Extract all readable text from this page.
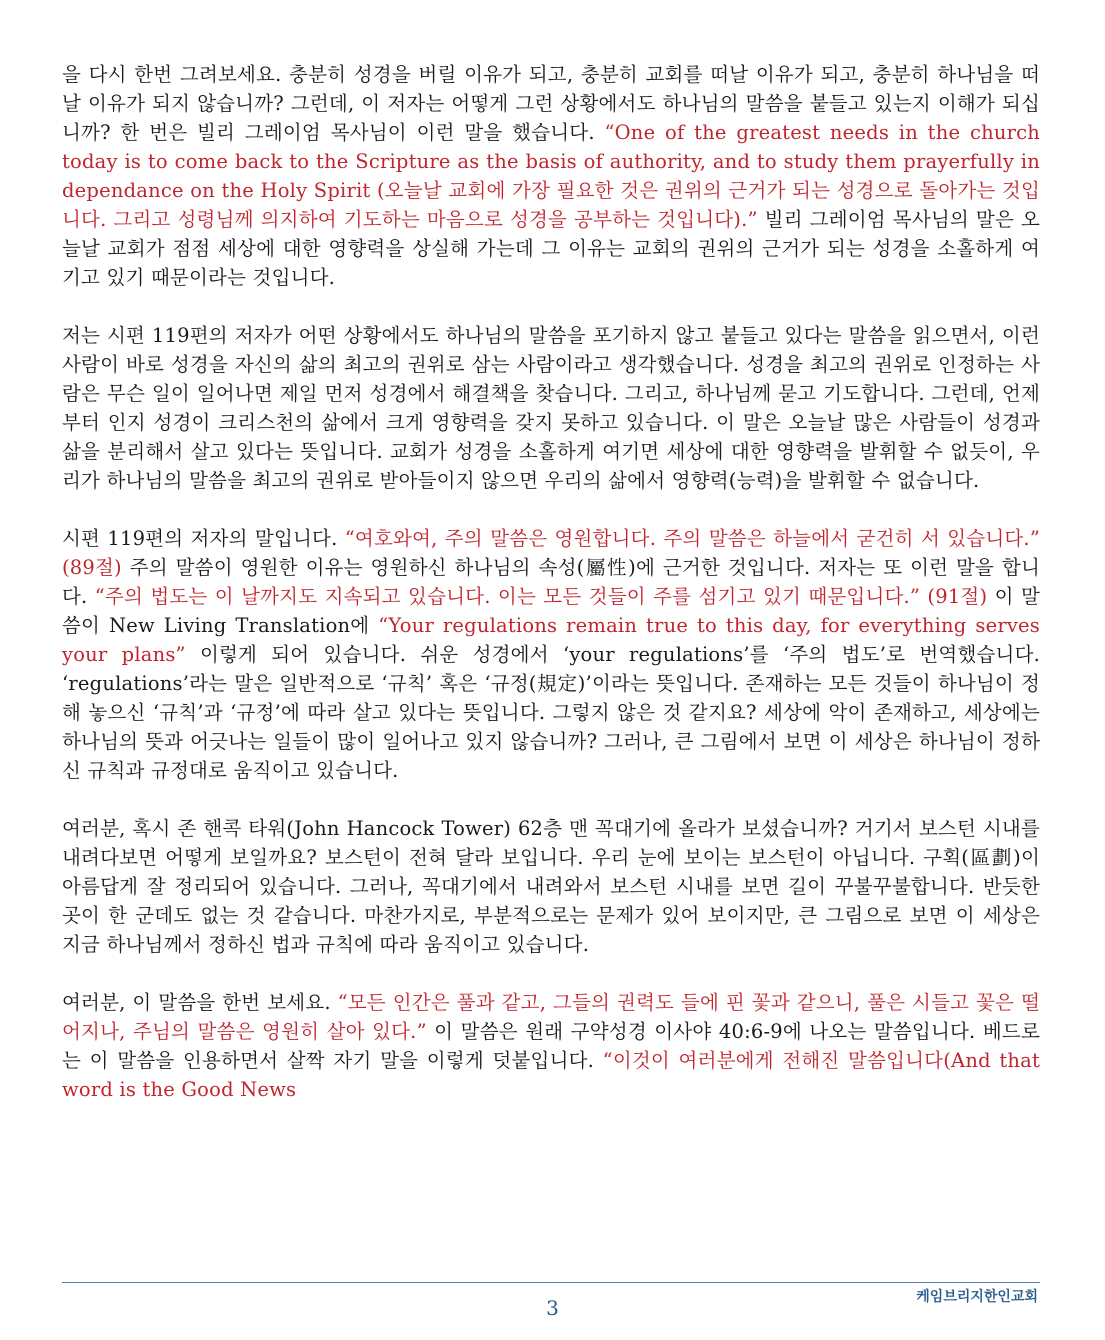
을 다시 한번 그려보세요. 충분히 성경을 버릴 이유가 되고, 충분히 교회를 떠날 이유가 되고, 충분히 하나님을 떠날 이유가 되지 않습니까? 그런데, 이 저자는 어떻게 그런 상황에서도 하나님의 말씀을 붙들고 있는지 이해가 되십니까? 한 번은 빌리 그레이엄 목사님이 이런 말을 했습니다. “One of the greatest needs in the church today is to come back to the Scripture as the basis of authority, and to study them prayerfully in dependance on the Holy Spirit (오늘날 교회에 가장 필요한 것은 권위의 근거가 되는 성경으로 돌아가는 것입니다. 그리고 성령님께 의지하여 기도하는 마음으로 성경을 공부하는 것입니다).” 빌리 그레이엄 목사님의 말은 오늘날 교회가 점점 세상에 대한 영향력을 상실해 가는데 그 이유는 교회의 권위의 근거가 되는 성경을 소홀하게 여기고 있기 때문이라는 것입니다.

저는 시편 119편의 저자가 어떤 상황에서도 하나님의 말씀을 포기하지 않고 붙들고 있다는 말씀을 읽으면서, 이런 사람이 바로 성경을 자신의 삶의 최고의 권위로 삼는 사람이라고 생각했습니다. 성경을 최고의 권위로 인정하는 사람은 무슨 일이 일어나면 제일 먼저 성경에서 해결책을 찾습니다. 그리고, 하나님께 묻고 기도합니다. 그런데, 언제부터 인지 성경이 크리스천의 삶에서 크게 영향력을 갖지 못하고 있습니다. 이 말은 오늘날 많은 사람들이 성경과 삶을 분리해서 살고 있다는 뜻입니다. 교회가 성경을 소홀하게 여기면 세상에 대한 영향력을 발휘할 수 없듯이, 우리가 하나님의 말씀을 최고의 권위로 받아들이지 않으면 우리의 삶에서 영향력(능력)을 발휘할 수 없습니다.

시편 119편의 저자의 말입니다. “여호와여, 주의 말씀은 영원합니다. 주의 말씀은 하늘에서 굳건히 서 있습니다.” (89절) 주의 말씀이 영원한 이유는 영원하신 하나님의 속성(屬性)에 근거한 것입니다. 저자는 또 이런 말을 합니다. “주의 법도는 이 날까지도 지속되고 있습니다. 이는 모든 것들이 주를 섬기고 있기 때문입니다.” (91절) 이 말씀이 New Living Translation에 “Your regulations remain true to this day, for everything serves your plans” 이렇게 되어 있습니다. 쉬운 성경에서 ‘your regulations’를 ‘주의 법도’로 번역했습니다. ‘regulations’라는 말은 일반적으로 ‘규칙’ 혹은 ‘규정(規定)’이라는 뜻입니다. 존재하는 모든 것들이 하나님이 정해 놓으신 ‘규칙’과 ‘규정’에 따라 살고 있다는 뜻입니다. 그렇지 않은 것 같지요? 세상에 악이 존재하고, 세상에는 하나님의 뜻과 어긋나는 일들이 많이 일어나고 있지 않습니까? 그러나, 큰 그림에서 보면 이 세상은 하나님이 정하신 규칙과 규정대로 움직이고 있습니다.

여러분, 혹시 존 핸콕 타워(John Hancock Tower) 62층 맨 꼭대기에 올라가 보셨습니까? 거기서 보스턴 시내를 내려다보면 어떻게 보일까요? 보스턴이 전혀 달라 보입니다. 우리 눈에 보이는 보스턴이 아닙니다. 구획(區劃)이 아름답게 잘 정리되어 있습니다. 그러나, 꼭대기에서 내려와서 보스턴 시내를 보면 길이 꾸불꾸불합니다. 반듯한 곳이 한 군데도 없는 것 같습니다. 마찬가지로, 부분적으로는 문제가 있어 보이지만, 큰 그림으로 보면 이 세상은 지금 하나님께서 정하신 법과 규칙에 따라 움직이고 있습니다.

여러분, 이 말씀을 한번 보세요. “모든 인간은 풀과 같고, 그들의 권력도 들에 핀 꽃과 같으니, 풀은 시들고 꽃은 떨어지나, 주님의 말씀은 영원히 살아 있다.” 이 말씀은 원래 구약성경 이사야 40:6-9에 나오는 말씀입니다. 베드로는 이 말씀을 인용하면서 살짝 자기 말을 이렇게 덧붙입니다. “이것이 여러분에게 전해진 말씀입니다(And that word is the Good News

3	케임브리지한인교회
